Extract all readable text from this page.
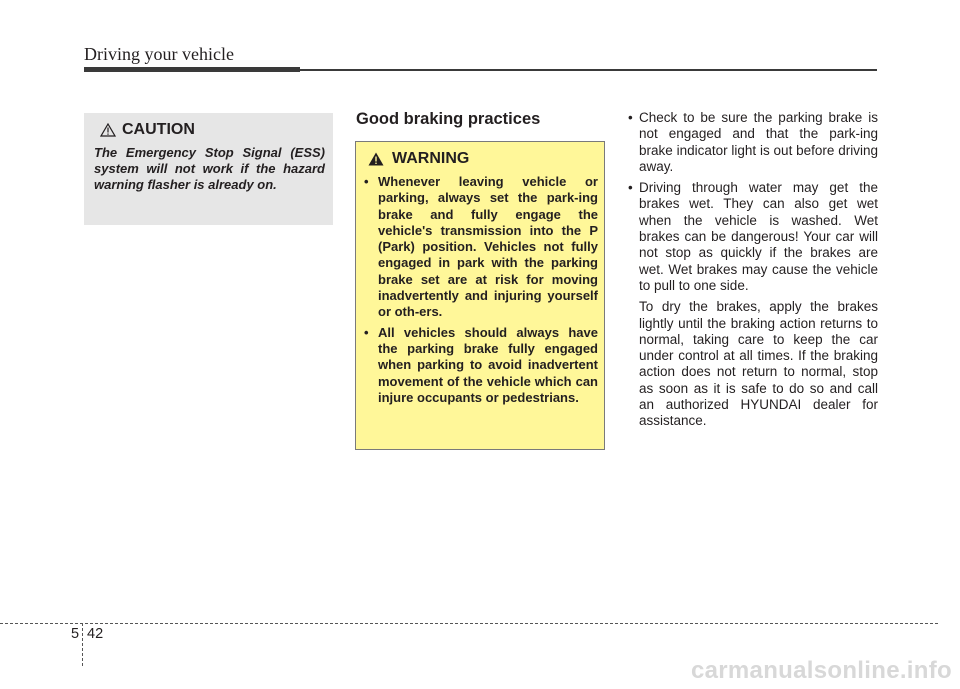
Driving your vehicle
CAUTION

The Emergency Stop Signal (ESS) system will not work if the hazard warning flasher is already on.

Good braking practices
WARNING
• Whenever leaving vehicle or parking, always set the park-ing brake and fully engage the vehicle's transmission into the P (Park) position. Vehicles not fully engaged in park with the parking brake set are at risk for moving inadvertently and injuring yourself or oth-ers.
• All vehicles should always have the parking brake fully engaged when parking to avoid inadvertent movement of the vehicle which can injure occupants or pedestrians.
• Check to be sure the parking brake is not engaged and that the park-ing brake indicator light is out before driving away.
• Driving through water may get the brakes wet. They can also get wet when the vehicle is washed. Wet brakes can be dangerous! Your car will not stop as quickly if the brakes are wet. Wet brakes may cause the vehicle to pull to one side.

To dry the brakes, apply the brakes lightly until the braking action returns to normal, taking care to keep the car under control at all times. If the braking action does not return to normal, stop as soon as it is safe to do so and call an authorized HYUNDAI dealer for assistance.

5 42
carmanualsonline.info
